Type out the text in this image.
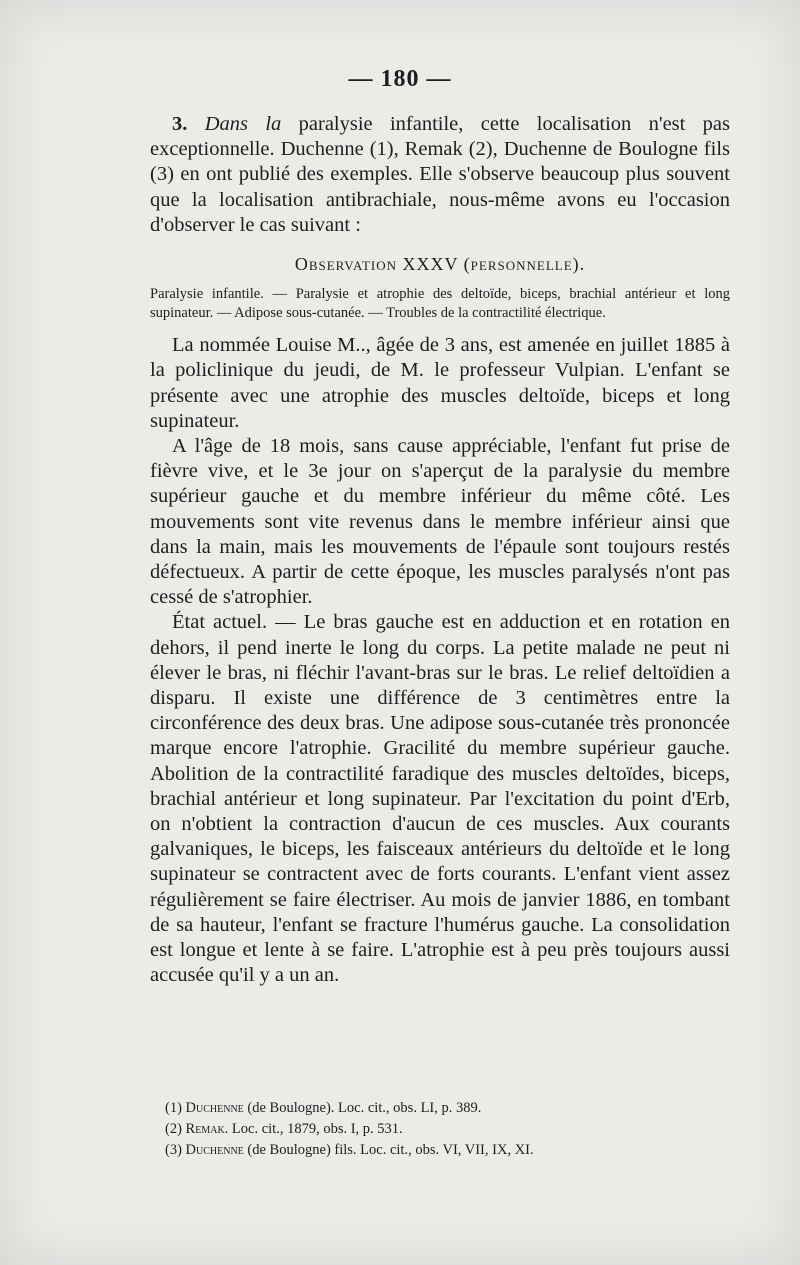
— 180 —

3. Dans la paralysie infantile, cette localisation n'est pas exceptionnelle. Duchenne (1), Remak (2), Duchenne de Boulogne fils (3) en ont publié des exemples. Elle s'observe beaucoup plus souvent que la localisation antibrachiale, nous-même avons eu l'occasion d'observer le cas suivant :

Observation XXXV (personnelle).
Paralysie infantile. — Paralysie et atrophie des deltoïde, biceps, brachial antérieur et long supinateur. — Adipose sous-cutanée. — Troubles de la contractilité électrique.

La nommée Louise M.., âgée de 3 ans, est amenée en juillet 1885 à la policlinique du jeudi, de M. le professeur Vulpian. L'enfant se présente avec une atrophie des muscles deltoïde, biceps et long supinateur.

A l'âge de 18 mois, sans cause appréciable, l'enfant fut prise de fièvre vive, et le 3e jour on s'aperçut de la paralysie du membre supérieur gauche et du membre inférieur du même côté. Les mouvements sont vite revenus dans le membre inférieur ainsi que dans la main, mais les mouvements de l'épaule sont toujours restés défectueux. A partir de cette époque, les muscles paralysés n'ont pas cessé de s'atrophier.

État actuel. — Le bras gauche est en adduction et en rotation en dehors, il pend inerte le long du corps. La petite malade ne peut ni élever le bras, ni fléchir l'avant-bras sur le bras. Le relief deltoïdien a disparu. Il existe une différence de 3 centimètres entre la circonférence des deux bras. Une adipose sous-cutanée très prononcée marque encore l'atrophie. Gracilité du membre supérieur gauche. Abolition de la contractilité faradique des muscles deltoïdes, biceps, brachial antérieur et long supinateur. Par l'excitation du point d'Erb, on n'obtient la contraction d'aucun de ces muscles. Aux courants galvaniques, le biceps, les faisceaux antérieurs du deltoïde et le long supinateur se contractent avec de forts courants. L'enfant vient assez régulièrement se faire électriser. Au mois de janvier 1886, en tombant de sa hauteur, l'enfant se fracture l'humérus gauche. La consolidation est longue et lente à se faire. L'atrophie est à peu près toujours aussi accusée qu'il y a un an.

(1) Duchenne (de Boulogne). Loc. cit., obs. LI, p. 389.

(2) Remak. Loc. cit., 1879, obs. I, p. 531.

(3) Duchenne (de Boulogne) fils. Loc. cit., obs. VI, VII, IX, XI.
